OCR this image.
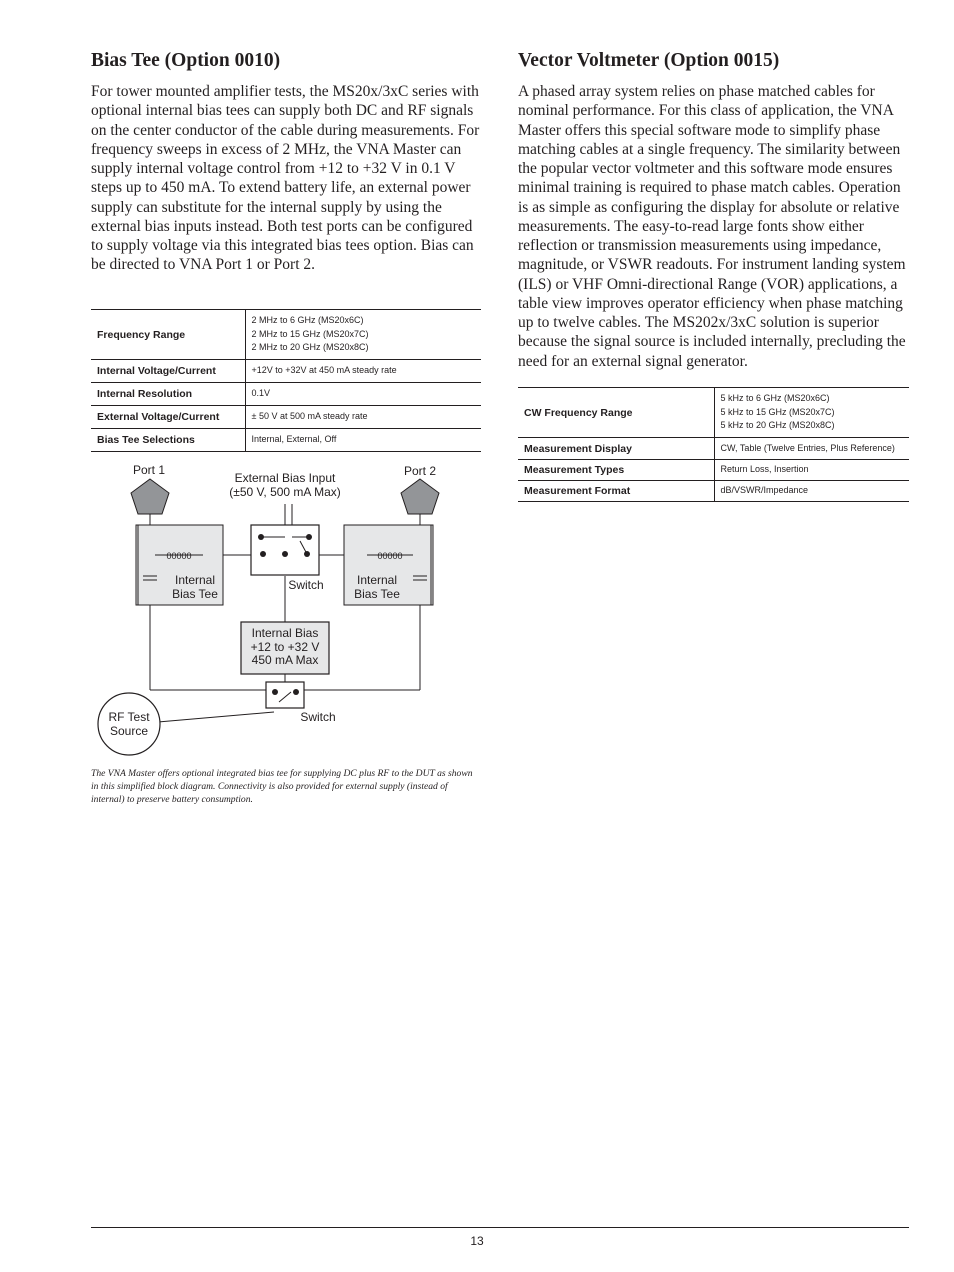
Bias Tee (Option 0010)

For tower mounted amplifier tests, the MS20x/3xC series with optional internal bias tees can supply both DC and RF signals on the center conductor of the cable during measurements. For frequency sweeps in excess of 2 MHz, the VNA Master can supply internal voltage control from +12 to +32 V in 0.1 V steps up to 450 mA. To extend battery life, an external power supply can substitute for the internal supply by using the external bias inputs instead. Both test ports can be configured to supply voltage via this integrated bias tees option. Bias can be directed to VNA Port 1 or Port 2.

Frequency Range	2 MHz to 6 GHz (MS20x6C)
2 MHz to 15 GHz (MS20x7C)
2 MHz to 20 GHz (MS20x8C)

Internal Voltage/Current	+12V to +32V at 450 mA steady rate
Internal Resolution	0.1V
External Voltage/Current	± 50 V at 500 mA steady rate
Bias Tee Selections	Internal, External, Off
Port 1	Port 2
External Bias Input
(±50 V, 500 mA Max)
00000
Internal
Bias Tee
00000
Internal
Bias Tee
Switch
Internal Bias
+12 to +32 V
450 mA Max
Switch
RF Test
Source

The VNA Master offers optional integrated bias tee for supplying DC plus RF to the DUT as shown in this simplified block diagram. Connectivity is also provided for external supply (instead of internal) to preserve battery consumption.

Vector Voltmeter (Option 0015)

A phased array system relies on phase matched cables for nominal performance. For this class of application, the VNA Master offers this special software mode to simplify phase matching cables at a single frequency. The similarity between the popular vector voltmeter and this software mode ensures minimal training is required to phase match cables. Operation is as simple as configuring the display for absolute or relative measurements. The easy-to-read large fonts show either reflection or transmission measurements using impedance, magnitude, or VSWR readouts. For instrument landing system (ILS) or VHF Omni-directional Range (VOR) applications, a table view improves operator efficiency when phase matching up to twelve cables. The MS202x/3xC solution is superior because the signal source is included internally, precluding the need for an external signal generator.

CW Frequency Range	5 kHz to 6 GHz (MS20x6C)
5 kHz to 15 GHz (MS20x7C)
5 kHz to 20 GHz (MS20x8C)

Measurement Display	CW, Table (Twelve Entries, Plus Reference)
Measurement Types	Return Loss, Insertion
Measurement Format	dB/VSWR/Impedance
13
